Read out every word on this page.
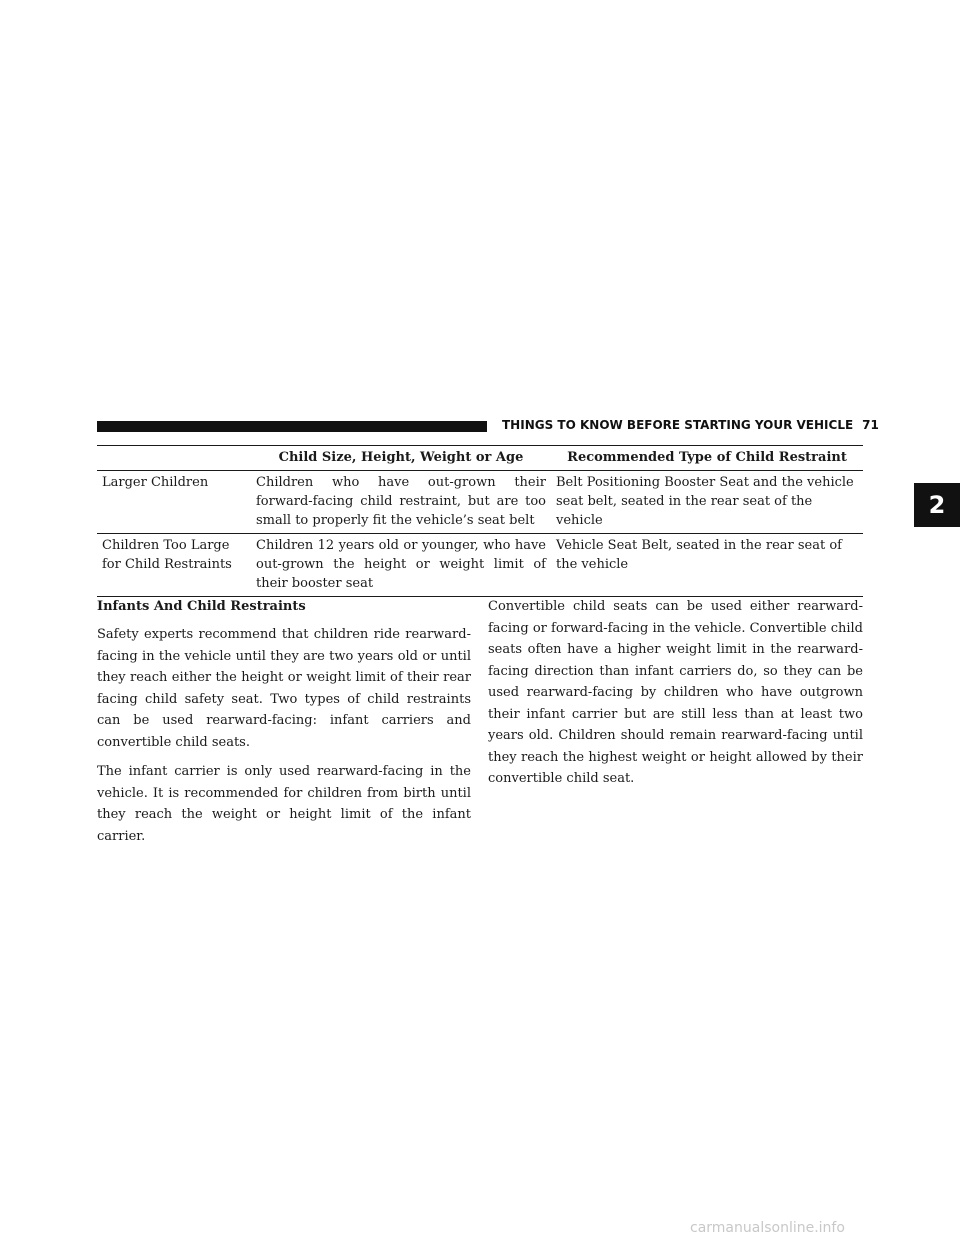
THINGS TO KNOW BEFORE STARTING YOUR VEHICLE 71
2
	Child Size, Height, Weight or Age	Recommended Type of Child Restraint
Larger Children	Children who have out-grown their forward-facing child restraint, but are too small to properly fit the vehicle’s seat belt	Belt Positioning Booster Seat and the vehicle seat belt, seated in the rear seat of the vehicle
Children Too Large for Child Restraints	Children 12 years old or younger, who have out-grown the height or weight limit of their booster seat	Vehicle Seat Belt, seated in the rear seat of the vehicle
Infants And Child Restraints

Safety experts recommend that children ride rearward-facing in the vehicle until they are two years old or until they reach either the height or weight limit of their rear facing child safety seat. Two types of child restraints can be used rearward-facing: infant carriers and convertible child seats.

The infant carrier is only used rearward-facing in the vehicle. It is recommended for children from birth until they reach the weight or height limit of the infant carrier.

Convertible child seats can be used either rearward-facing or forward-facing in the vehicle. Convertible child seats often have a higher weight limit in the rearward-facing direction than infant carriers do, so they can be used rearward-facing by children who have outgrown their infant carrier but are still less than at least two years old. Children should remain rearward-facing until they reach the highest weight or height allowed by their convertible child seat.

carmanualsonline.info
